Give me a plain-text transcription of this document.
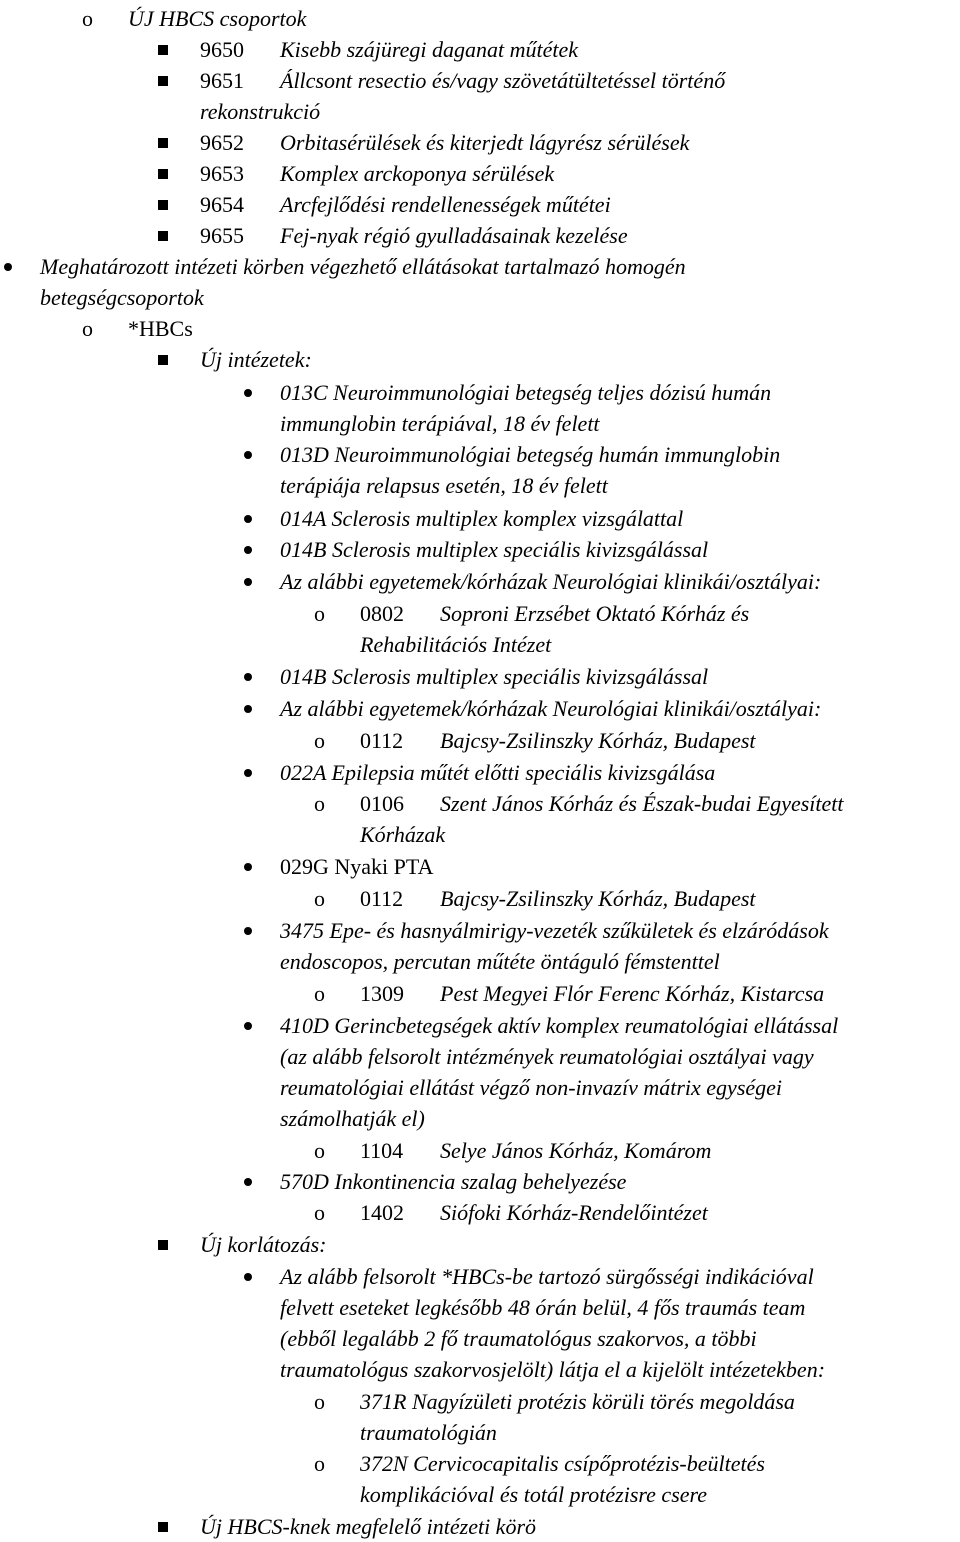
o ÚJ HBCS csoportok
9650 Kisebb szájüregi daganat műtétek
9651 Állcsont resectio és/vagy szövetátültetéssel történő
rekonstrukció
9652 Orbitasérülések és kiterjedt lágyrész sérülések
9653 Komplex arckoponya sérülések
9654 Arcfejlődési rendellenességek műtétei
9655 Fej-nyak régió gyulladásainak kezelése
Meghatározott intézeti körben végezhető ellátásokat tartalmazó homogén
betegségcsoportok
o *HBCs
Új intézetek:
013C Neuroimmunológiai betegség teljes dózisú humán
immunglobin terápiával, 18 év felett
013D Neuroimmunológiai betegség humán immunglobin
terápiája relapsus esetén, 18 év felett
014A Sclerosis multiplex komplex vizsgálattal
014B Sclerosis multiplex speciális kivizsgálással
Az alábbi egyetemek/kórházak Neurológiai klinikái/osztályai:
o 0802 Soproni Erzsébet Oktató Kórház és
Rehabilitációs Intézet
014B Sclerosis multiplex speciális kivizsgálással
Az alábbi egyetemek/kórházak Neurológiai klinikái/osztályai:
o 0112 Bajcsy-Zsilinszky Kórház, Budapest
022A Epilepsia műtét előtti speciális kivizsgálása
o 0106 Szent János Kórház és Észak-budai Egyesített
Kórházak
029G Nyaki PTA
o 0112 Bajcsy-Zsilinszky Kórház, Budapest
3475 Epe- és hasnyálmirigy-vezeték szűkületek és elzáródások
endoscopos, percutan műtéte öntáguló fémstenttel
o 1309 Pest Megyei Flór Ferenc Kórház, Kistarcsa
410D Gerincbetegségek aktív komplex reumatológiai ellátással
(az alább felsorolt intézmények reumatológiai osztályai vagy
reumatológiai ellátást végző non-invazív mátrix egységei
számolhatják el)
o 1104 Selye János Kórház, Komárom
570D Inkontinencia szalag behelyezése
o 1402 Siófoki Kórház-Rendelőintézet
Új korlátozás:
Az alább felsorolt *HBCs-be tartozó sürgősségi indikációval
felvett eseteket legkésőbb 48 órán belül, 4 fős traumás team
(ebből legalább 2 fő traumatológus szakorvos, a többi
traumatológus szakorvosjelölt) látja el a kijelölt intézetekben:
o 371R Nagyízületi protézis körüli törés megoldása
traumatológián
o 372N Cervicocapitalis csípőprotézis-beültetés
komplikációval és totál protézisre csere
Új HBCS-knek megfelelő intézeti körö
